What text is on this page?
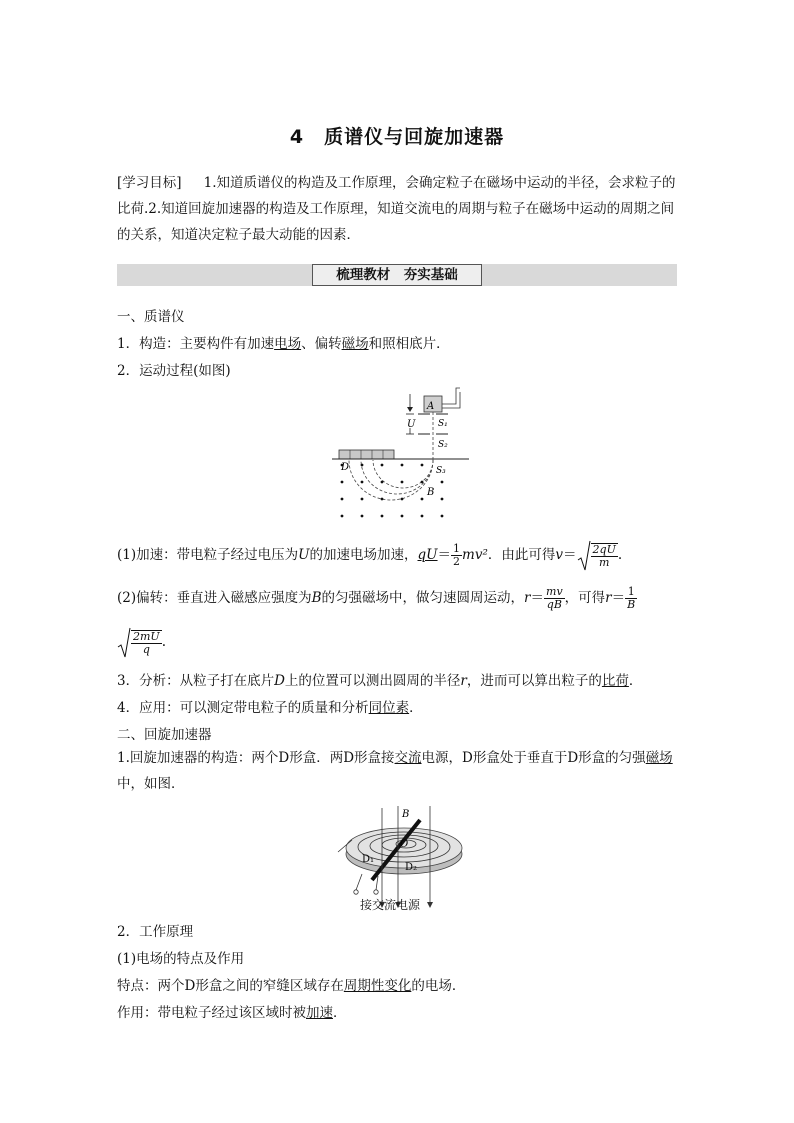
4　质谱仪与回旋加速器
[学习目标] 　 1.知道质谱仪的构造及工作原理，会确定粒子在磁场中运动的半径，会求粒子的比荷.2.知道回旋加速器的构造及工作原理，知道交流电的周期与粒子在磁场中运动的周期之间的关系，知道决定粒子最大动能的因素．
梳理教材　夯实基础
一、质谱仪
1．构造：主要构件有加速电场、偏转磁场和照相底片．
2．运动过程(如图)
A
S₁
S₂
S₃
U
D
B
(1)加速：带电粒子经过电压为U的加速电场加速，$qU= \frac{1}{2} mv^2$．由此可得$v= \frac{2qU}{m}$ .
(2)偏转：垂直进入磁感应强度为B的匀强磁场中，做匀速圆周运动，$r= \frac{mv}{qB}$ ，可得$r= \frac{1}{B}$
$\frac{2mU}{q}$ .
3．分析：从粒子打在底片D上的位置可以测出圆周的半径r，进而可以算出粒子的比荷．
4．应用：可以测定带电粒子的质量和分析同位素．
二、回旋加速器
1.回旋加速器的构造：两个D形盒．两D形盒接交流电源，D形盒处于垂直于D形盒的匀强磁场中，如图．
B
O
D₁
D₂
接交流电源
2．工作原理
(1)电场的特点及作用
特点：两个D形盒之间的窄缝区域存在周期性变化的电场．
作用：带电粒子经过该区域时被加速．
